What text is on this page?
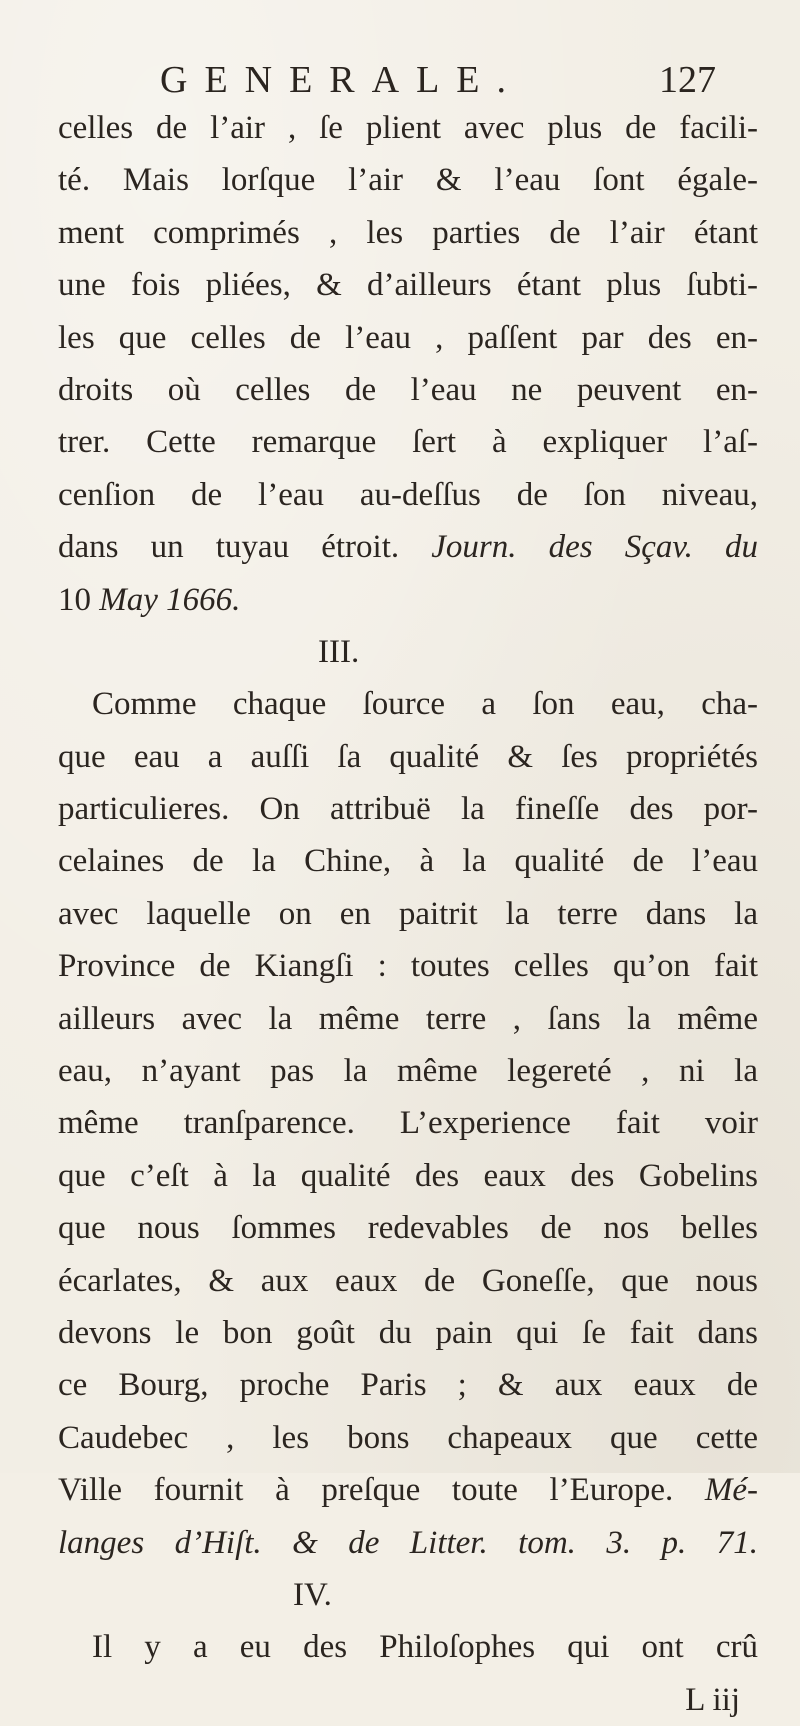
GENERALE.	127
celles de l’air , ſe plient avec plus de facili-
té. Mais lorſque l’air & l’eau ſont égale-
ment comprimés , les parties de l’air étant
une fois pliées, & d’ailleurs étant plus ſubti-
les que celles de l’eau , paſſent par des en-
droits où celles de l’eau ne peuvent en-
trer. Cette remarque ſert à expliquer l’aſ-
cenſion de l’eau au-deſſus de ſon niveau,
dans un tuyau étroit. Journ. des Sçav. du
10 May 1666.
III.
Comme chaque ſource a ſon eau, cha-
que eau a auſſi ſa qualité & ſes propriétés
particulieres. On attribuë la fineſſe des por-
celaines de la Chine, à la qualité de l’eau
avec laquelle on en paitrit la terre dans la
Province de Kiangſi : toutes celles qu’on fait
ailleurs avec la même terre , ſans la même
eau, n’ayant pas la même legereté , ni la
même tranſparence. L’experience fait voir
que c’eſt à la qualité des eaux des Gobelins
que nous ſommes redevables de nos belles
écarlates, & aux eaux de Goneſſe, que nous
devons le bon goût du pain qui ſe fait dans
ce Bourg, proche Paris ; & aux eaux de
Caudebec , les bons chapeaux que cette
Ville fournit à preſque toute l’Europe. Mé-
langes d’Hiſt. & de Litter. tom. 3. p. 71.
IV.
Il y a eu des Philoſophes qui ont crû
L iij
